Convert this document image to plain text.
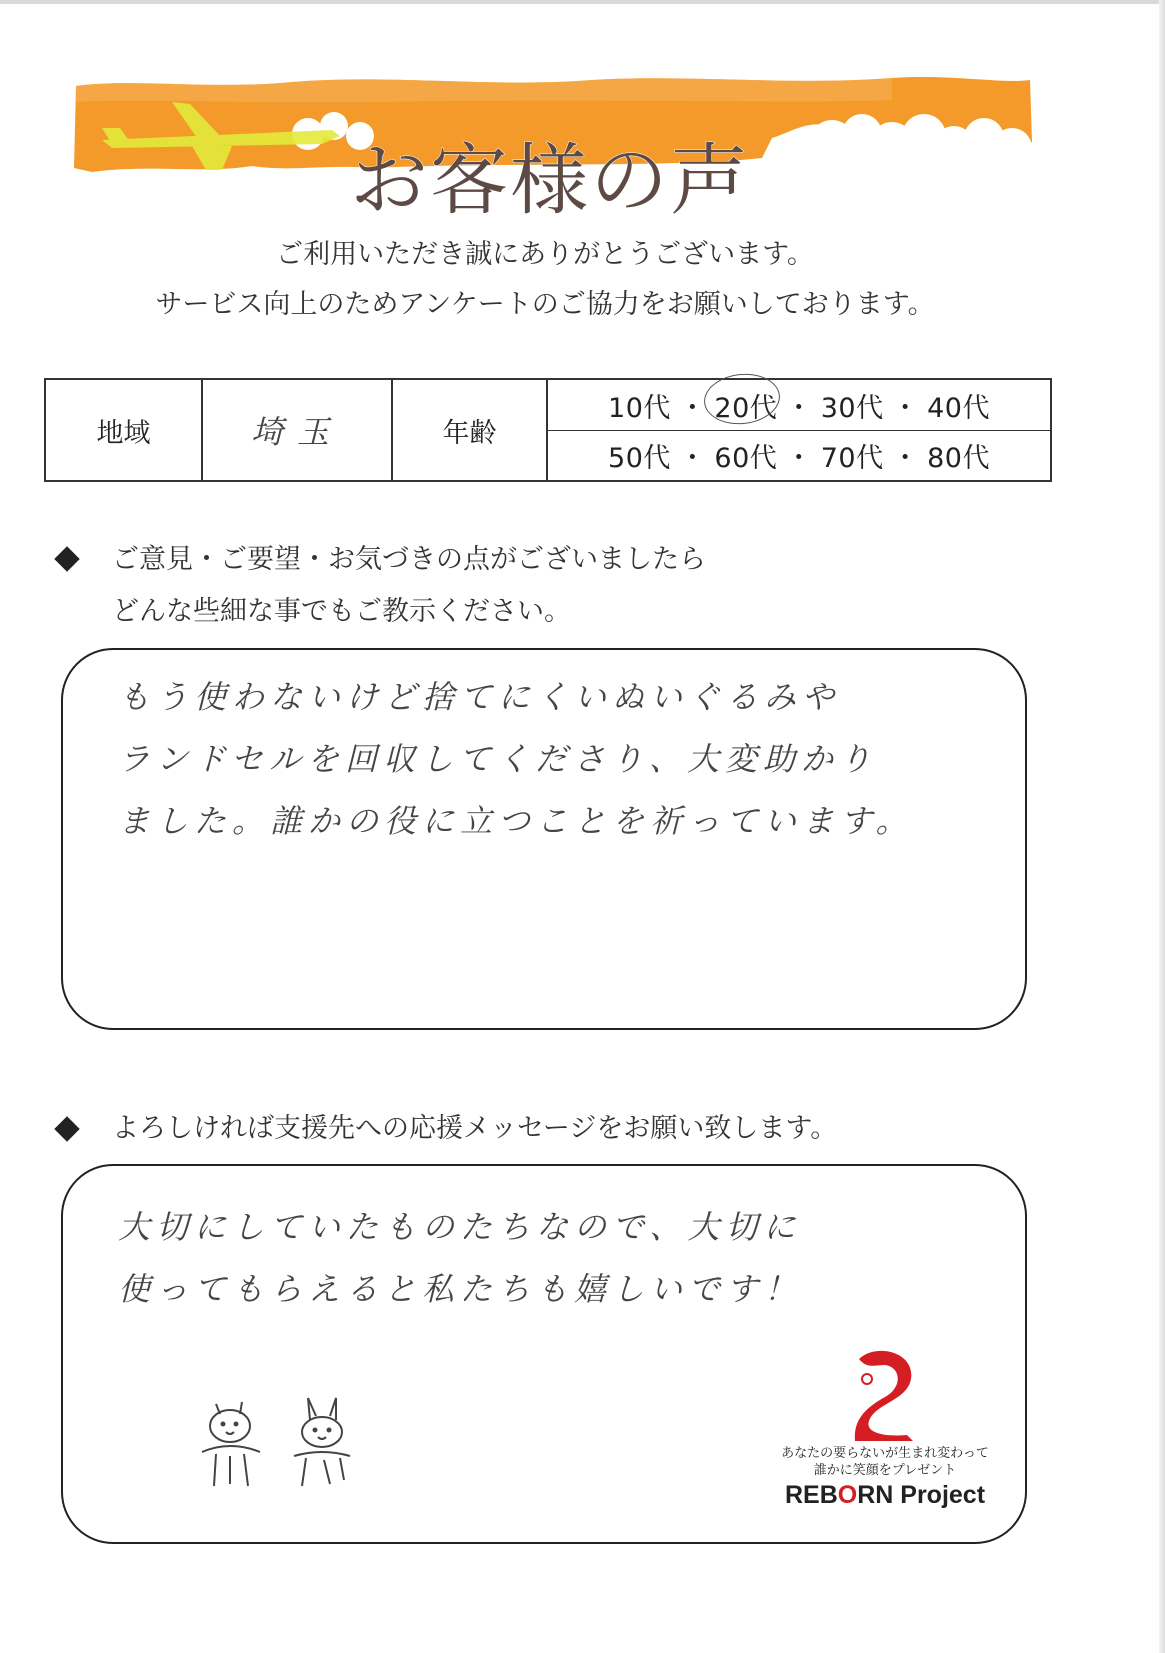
お客様の声
ご利用いただき誠にありがとうございます。
サービス向上のためアンケートのご協力をお願いしております。
地域	埼玉	年齢
10代 ・ 20代 ・ 30代 ・ 40代
50代 ・ 60代 ・ 70代 ・ 80代
ご意見・ご要望・お気づきの点がございましたら
どんな些細な事でもご教示ください。
もう使わないけど捨てにくいぬいぐるみや
ランドセルを回収してくださり、大変助かり
ました。誰かの役に立つことを祈っています。
よろしければ支援先への応援メッセージをお願い致します。
大切にしていたものたちなので、大切に
使ってもらえると私たちも嬉しいです！
あなたの要らないが生まれ変わって
誰かに笑顔をプレゼント
REBORN Project
